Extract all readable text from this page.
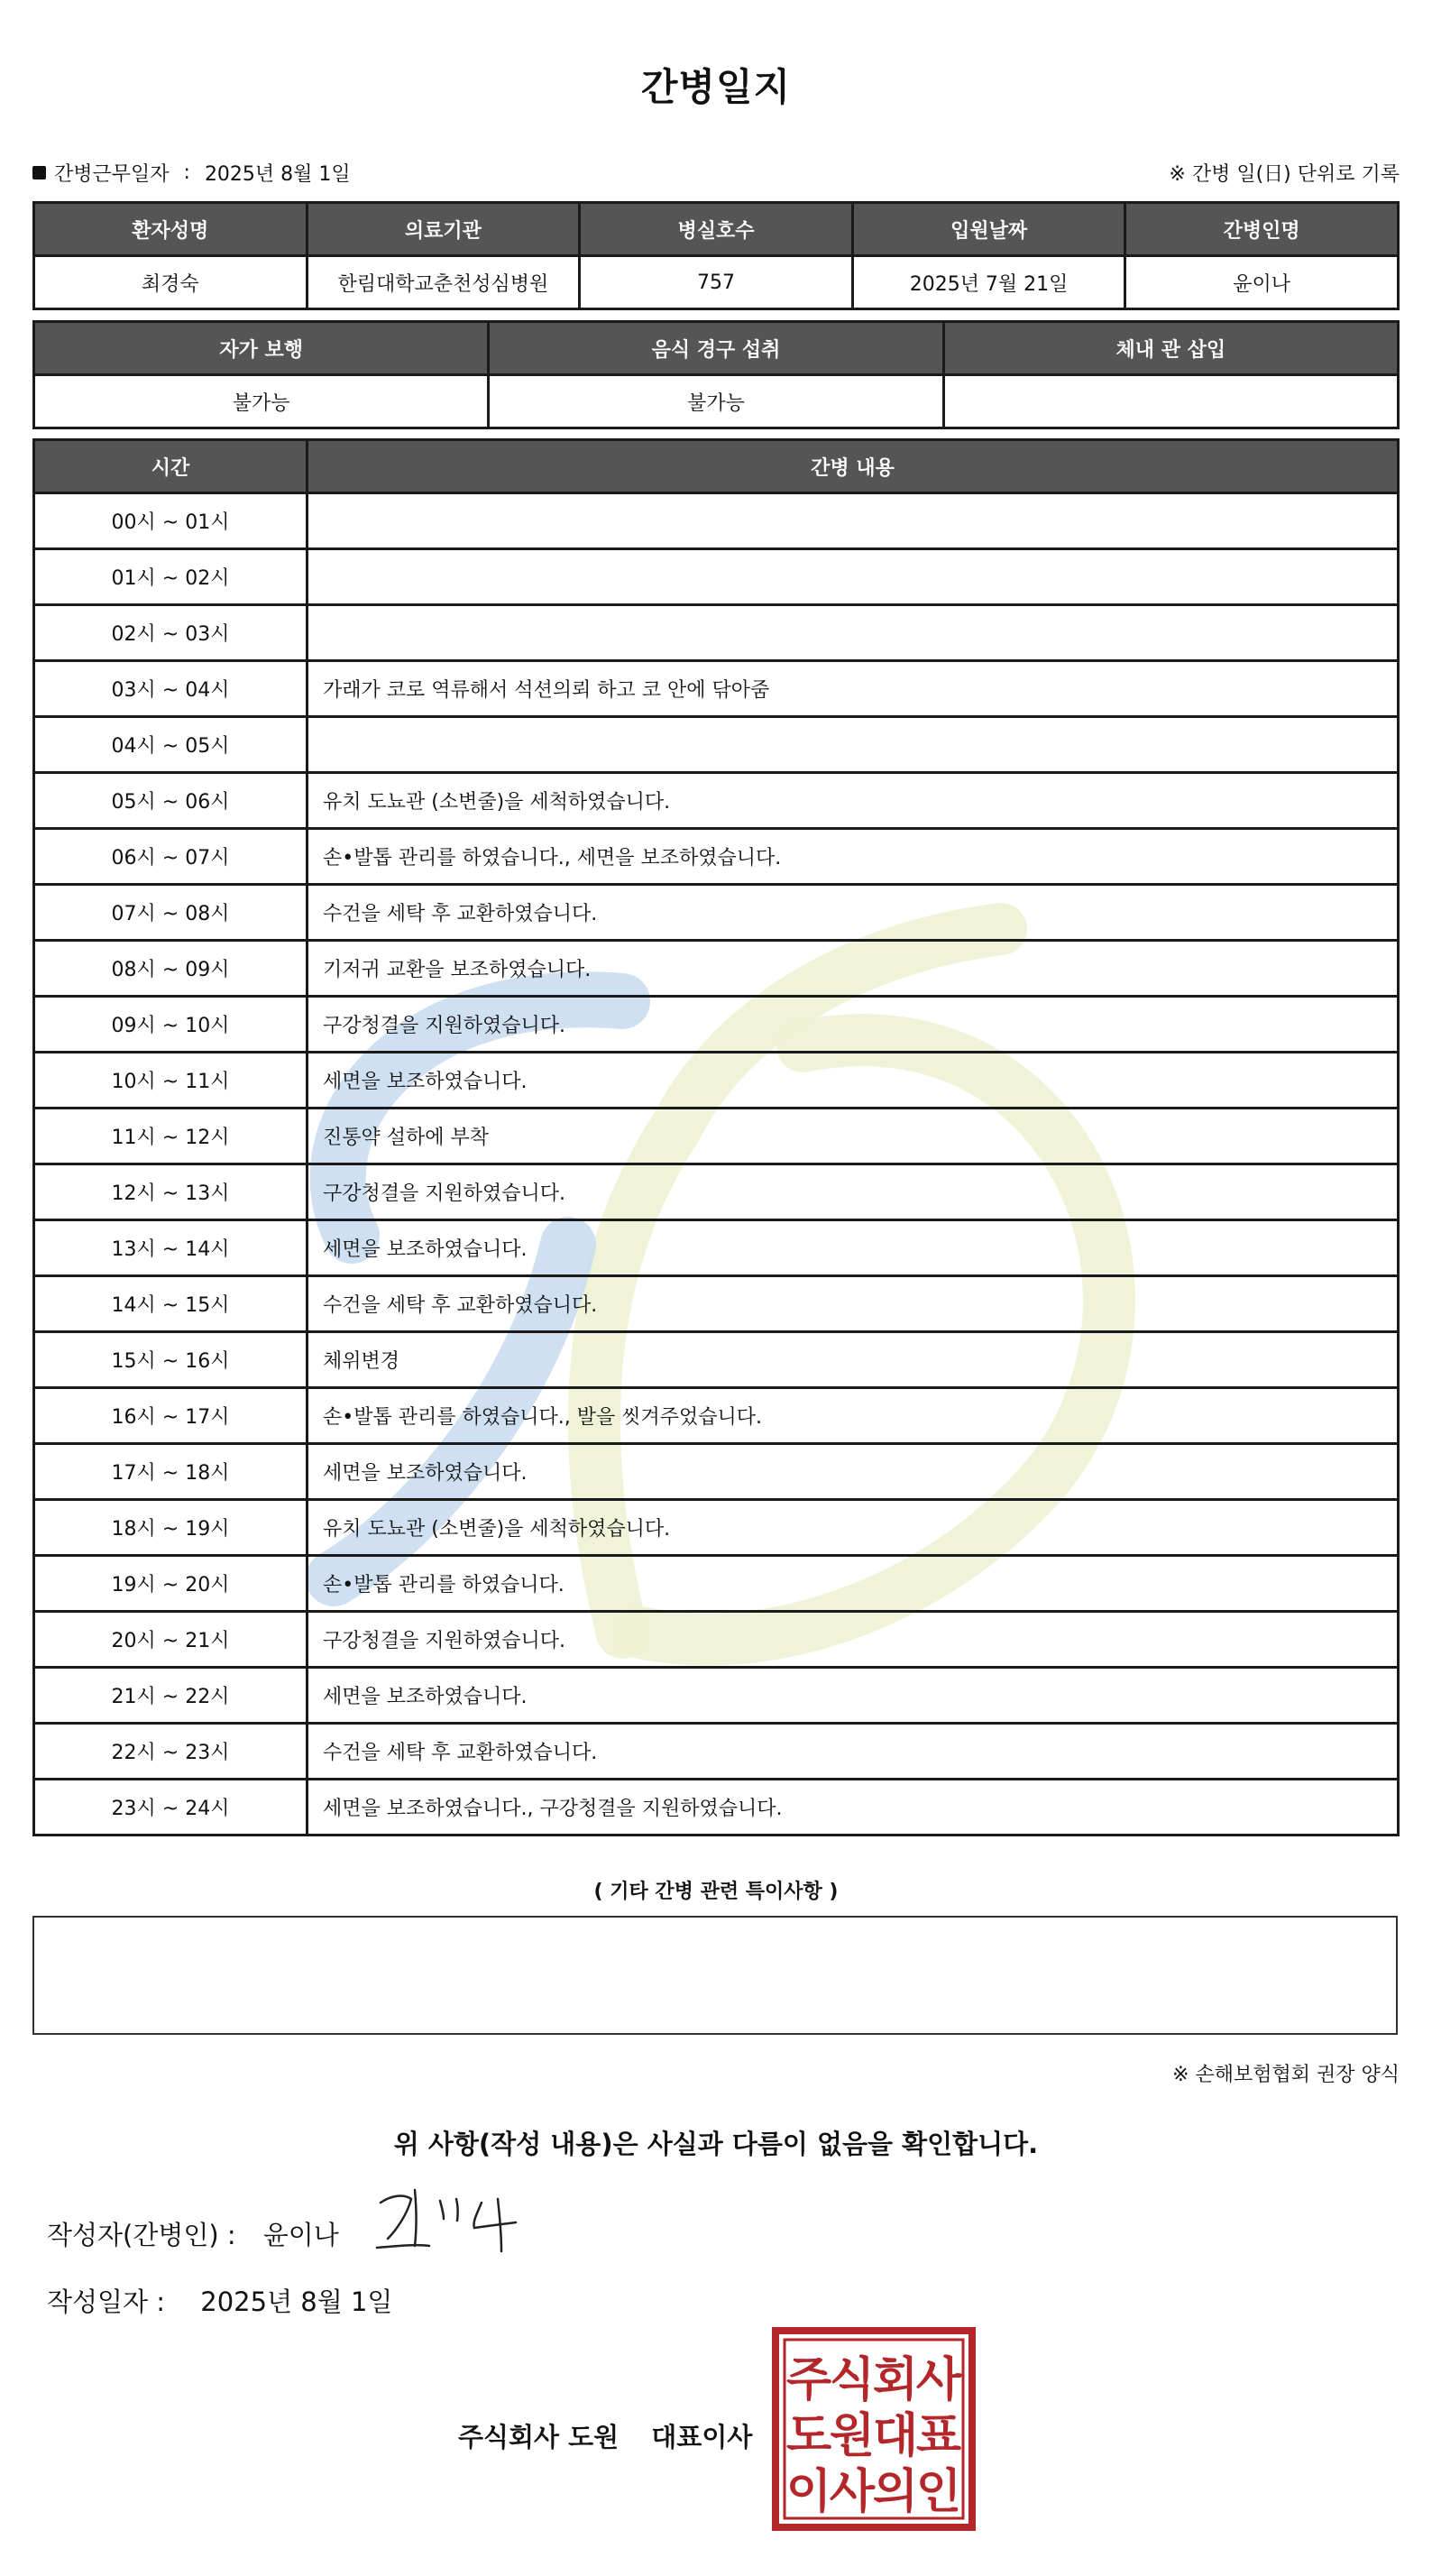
간병일지
간병근무일자 : 2025년 8월 1일	※ 간병 일(日) 단위로 기록
환자성명	의료기관	병실호수	입원날짜	간병인명
최경숙	한림대학교춘천성심병원	757	2025년 7월 21일	윤이나
자가 보행	음식 경구 섭취	체내 관 삽입
불가능	불가능	
시간	간병 내용
00시 ~ 01시	
01시 ~ 02시	
02시 ~ 03시	
03시 ~ 04시	가래가 코로 역류해서 석션의뢰 하고 코 안에 닦아줌
04시 ~ 05시	
05시 ~ 06시	유치 도뇨관 (소변줄)을 세척하였습니다.
06시 ~ 07시	손•발톱 관리를 하였습니다., 세면을 보조하였습니다.
07시 ~ 08시	수건을 세탁 후 교환하였습니다.
08시 ~ 09시	기저귀 교환을 보조하였습니다.
09시 ~ 10시	구강청결을 지원하였습니다.
10시 ~ 11시	세면을 보조하였습니다.
11시 ~ 12시	진통약 설하에 부착
12시 ~ 13시	구강청결을 지원하였습니다.
13시 ~ 14시	세면을 보조하였습니다.
14시 ~ 15시	수건을 세탁 후 교환하였습니다.
15시 ~ 16시	체위변경
16시 ~ 17시	손•발톱 관리를 하였습니다., 발을 씻겨주었습니다.
17시 ~ 18시	세면을 보조하였습니다.
18시 ~ 19시	유치 도뇨관 (소변줄)을 세척하였습니다.
19시 ~ 20시	손•발톱 관리를 하였습니다.
20시 ~ 21시	구강청결을 지원하였습니다.
21시 ~ 22시	세면을 보조하였습니다.
22시 ~ 23시	수건을 세탁 후 교환하였습니다.
23시 ~ 24시	세면을 보조하였습니다., 구강청결을 지원하였습니다.
( 기타 간병 관련 특이사항 )
※ 손해보험협회 권장 양식
위 사항(작성 내용)은 사실과 다름이 없음을 확인합니다.
작성자(간병인) : 윤이나
작성일자 : 2025년 8월 1일
주식회사 도원 대표이사
주
식
회
사
도
원
대
표
이
사
의
인
